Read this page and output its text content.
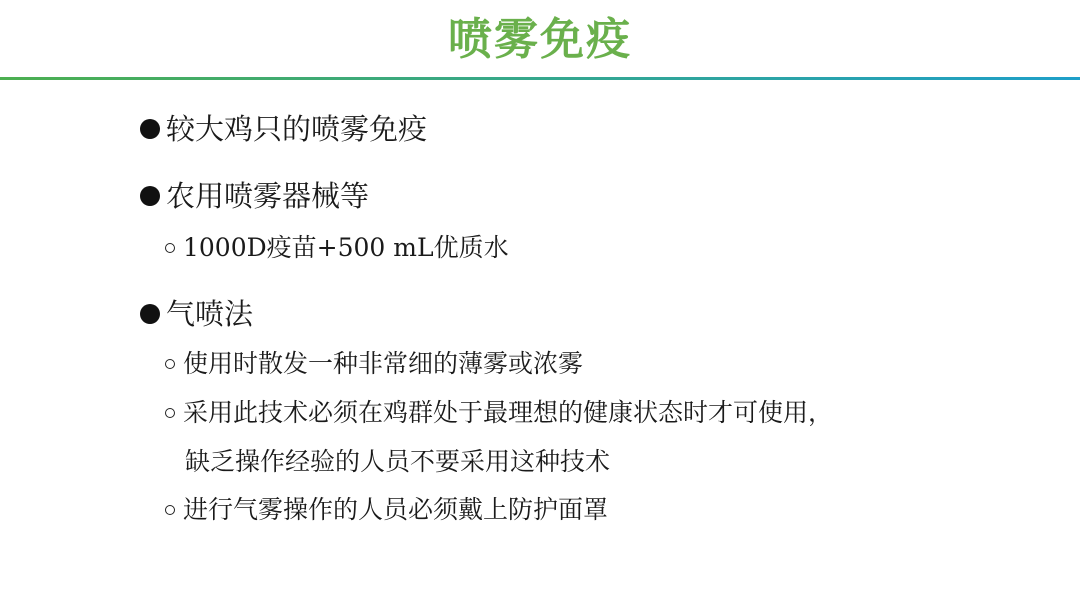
喷雾免疫
较大鸡只的喷雾免疫
农用喷雾器械等
1000D疫苗+500 mL优质水
气喷法
使用时散发一种非常细的薄雾或浓雾
采用此技术必须在鸡群处于最理想的健康状态时才可使用，
缺乏操作经验的人员不要采用这种技术
进行气雾操作的人员必须戴上防护面罩
